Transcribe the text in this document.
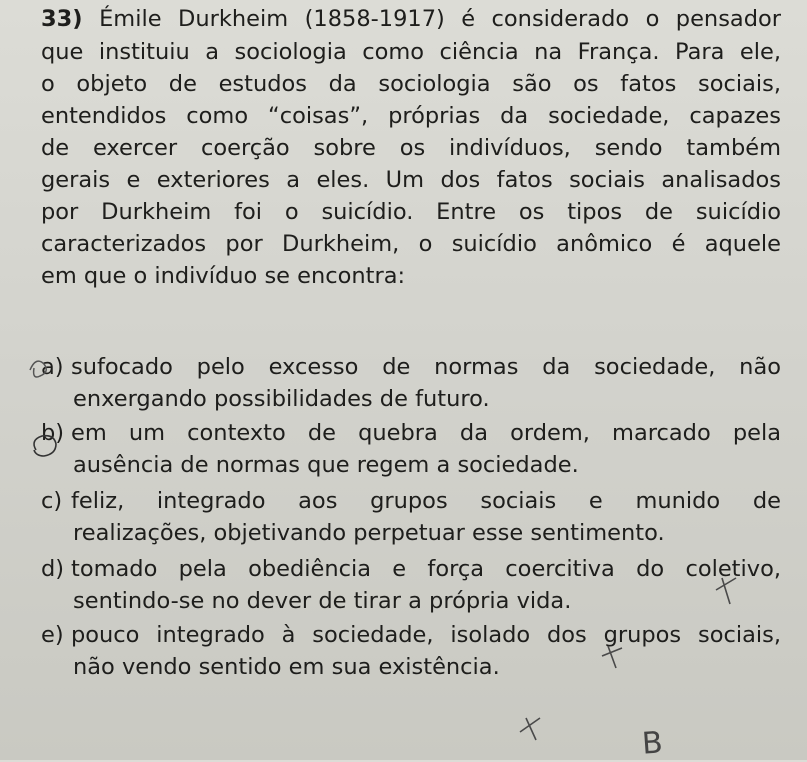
33) Émile Durkheim (1858-1917) é considerado o pensador
que instituiu a sociologia como ciência na França. Para ele,
o objeto de estudos da sociologia são os fatos sociais,
entendidos como “coisas”, próprias da sociedade, capazes
de exercer coerção sobre os indivíduos, sendo também
gerais e exteriores a eles. Um dos fatos sociais analisados
por Durkheim foi o suicídio. Entre os tipos de suicídio
caracterizados por Durkheim, o suicídio anômico é aquele
em que o indivíduo se encontra:
a) sufocado pelo excesso de normas da sociedade, não
enxergando possibilidades de futuro.
b) em um contexto de quebra da ordem, marcado pela
ausência de normas que regem a sociedade.
c) feliz, integrado aos grupos sociais e munido de
realizações, objetivando perpetuar esse sentimento.
d) tomado pela obediência e força coercitiva do coletivo,
sentindo-se no dever de tirar a própria vida.
e) pouco integrado à sociedade, isolado dos grupos sociais,
não vendo sentido em sua existência.
B
